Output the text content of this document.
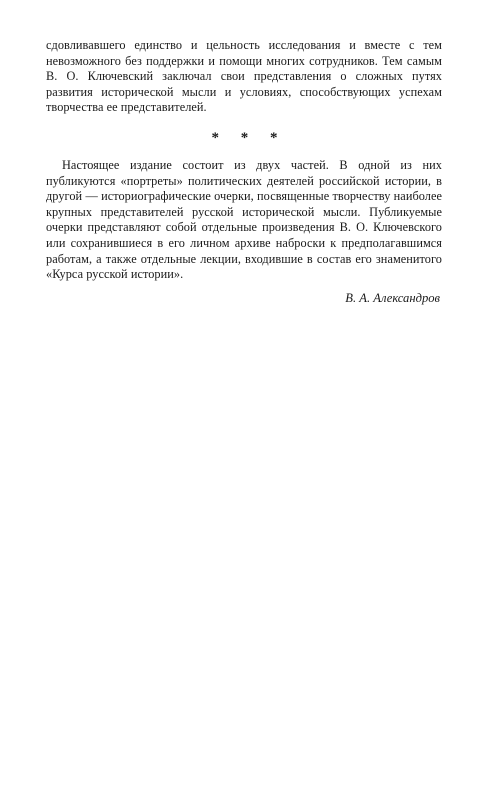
сдовливавшего единство и цельность исследования и вместе с тем невозможного без поддержки и помощи многих сотрудников. Тем самым В. О. Ключевский заключал свои представления о сложных путях развития исторической мысли и условиях, способствующих успехам творчества ее представителей.

* * *

Настоящее издание состоит из двух частей. В одной из них публикуются «портреты» политических деятелей российской истории, в другой — историографические очерки, посвященные творчеству наиболее крупных представителей русской исторической мысли. Публикуемые очерки представляют собой отдельные произведения В. О. Ключевского или сохранившиеся в его личном архиве наброски к предполагавшимся работам, а также отдельные лекции, входившие в состав его знаменитого «Курса русской истории».

В. А. Александров
